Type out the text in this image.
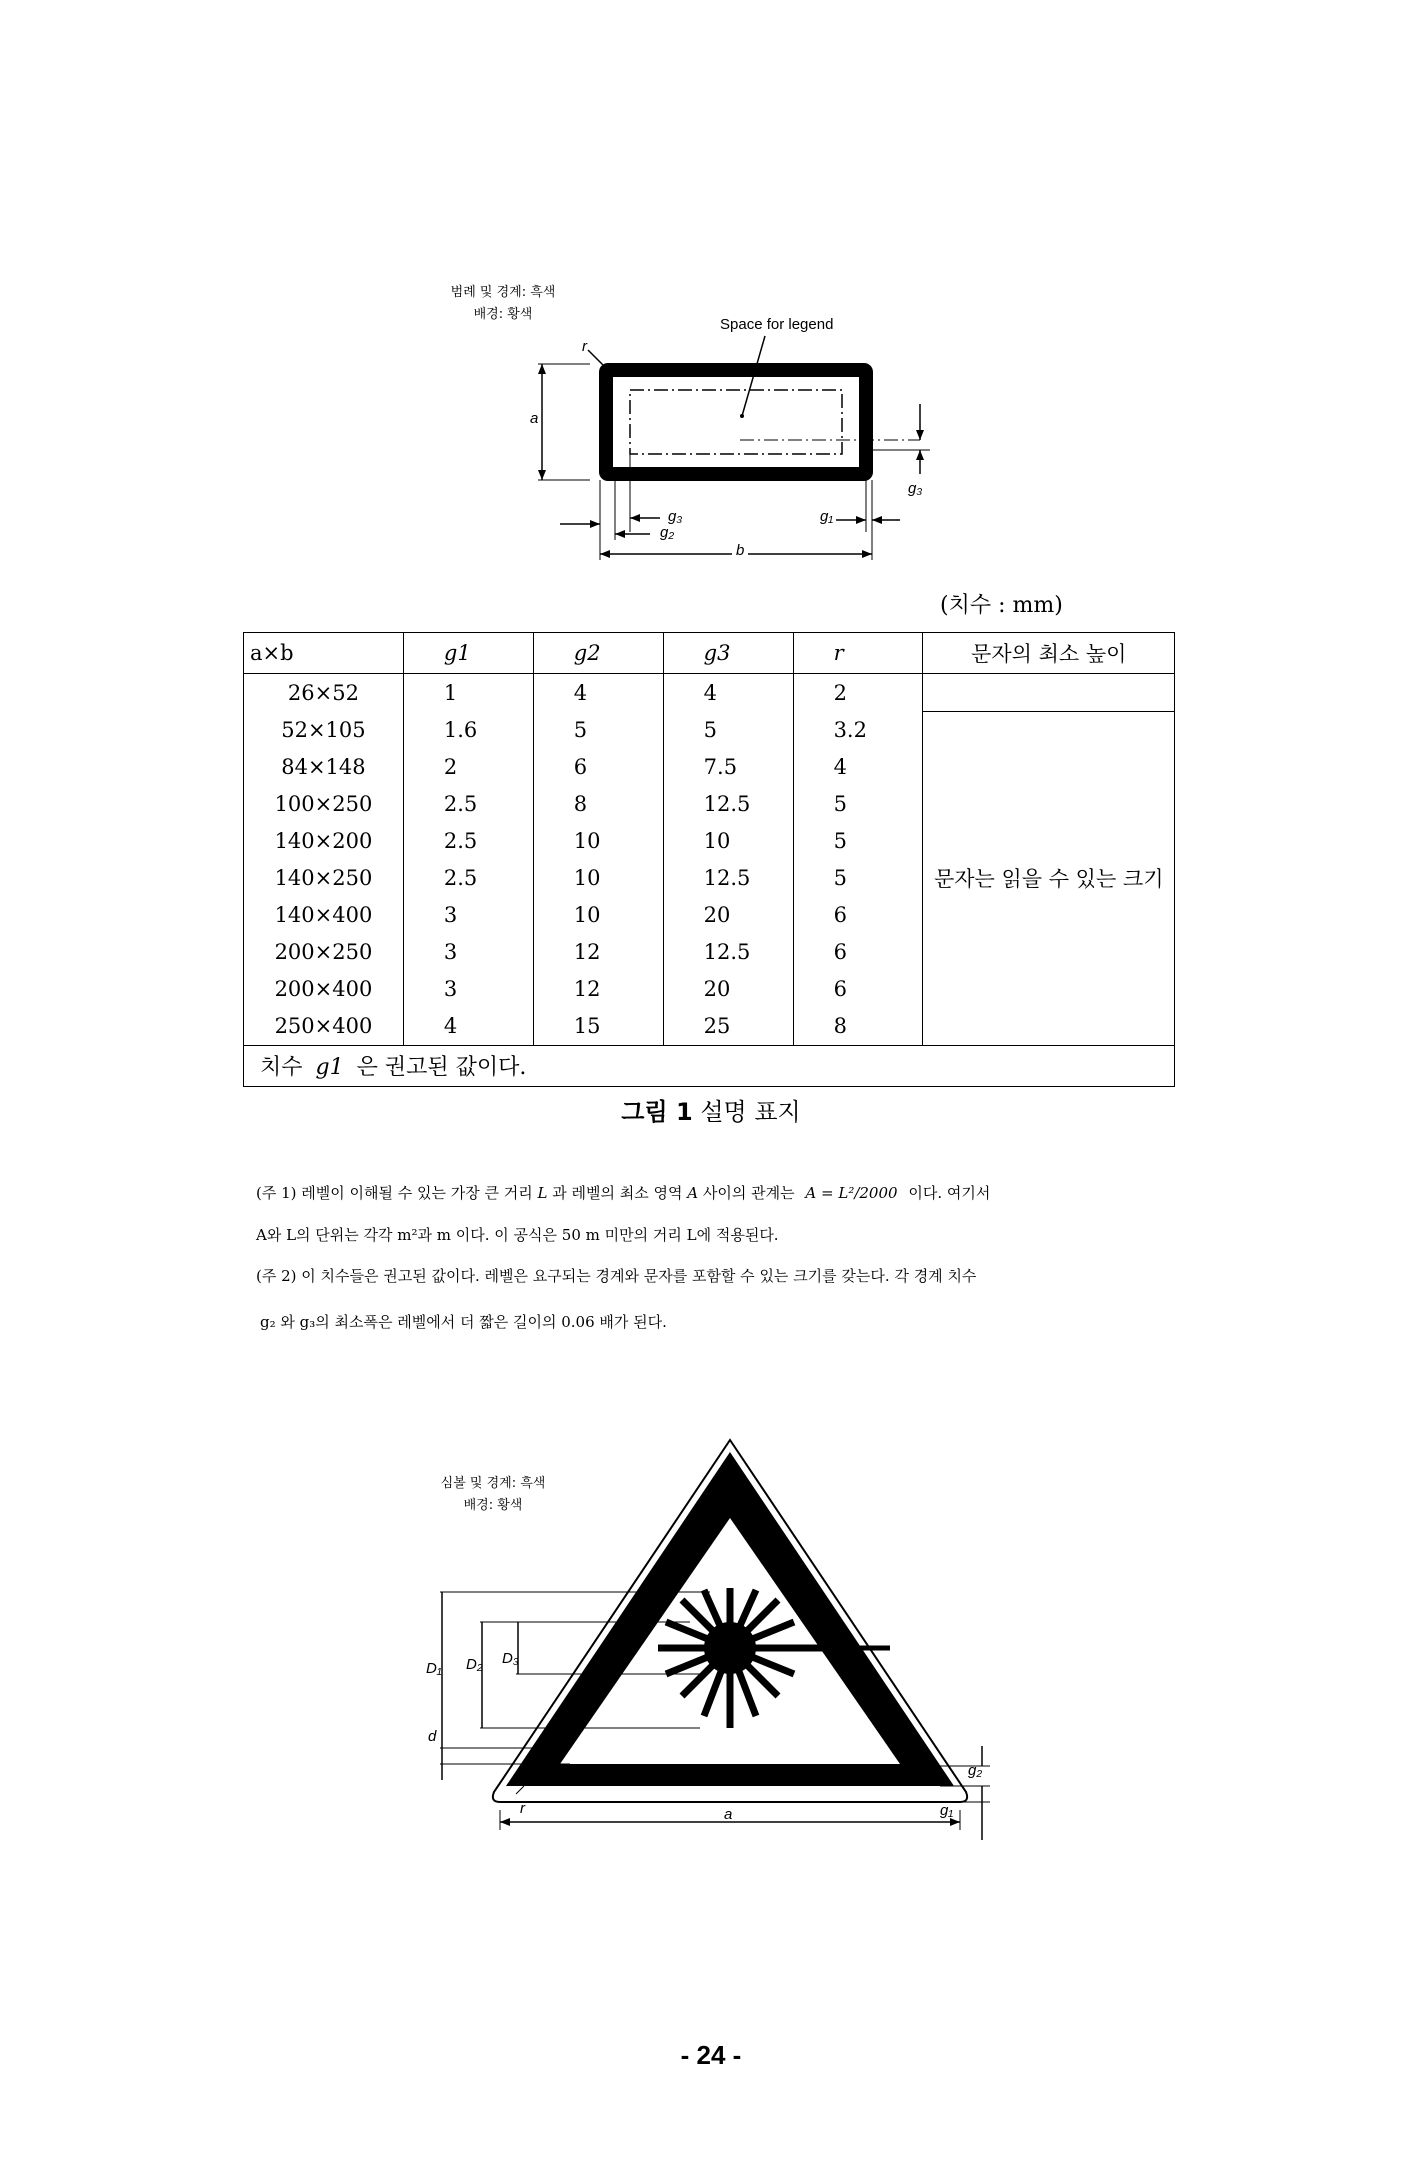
범례 및 경계: 흑색
배경: 황색
Space for legend
r
a
b
g₁
g₂
g₃
g₃
(치수 : mm)
a×b	g1	g2	g3	r	문자의 최소 높이
26×52	1	4	4	2	
52×105	1.6	5	5	3.2	문자는 읽을 수 있는 크기
84×148	2	6	7.5	4	
100×250	2.5	8	12.5	5	
140×200	2.5	10	10	5	
140×250	2.5	10	12.5	5	
140×400	3	10	20	6	
200×250	3	12	12.5	6	
200×400	3	12	20	6	
250×400	4	15	25	8	
치수 g1 은 권고된 값이다.					
그림 1 설명 표지
(주 1) 레벨이 이해될 수 있는 가장 큰 거리 L 과 레벨의 최소 영역 A 사이의 관계는 A = L²/2000 이다. 여기서
A와 L의 단위는 각각 m²과 m 이다. 이 공식은 50 m 미만의 거리 L에 적용된다.
(주 2) 이 치수들은 권고된 값이다. 레벨은 요구되는 경계와 문자를 포함할 수 있는 크기를 갖는다. 각 경계 치수
g₂ 와 g₃의 최소폭은 레벨에서 더 짧은 길이의 0.06 배가 된다.
심볼 및 경계: 흑색
배경: 황색
D₁ D₂ D₃
d
a	g₁
g₂
r
- 24 -
